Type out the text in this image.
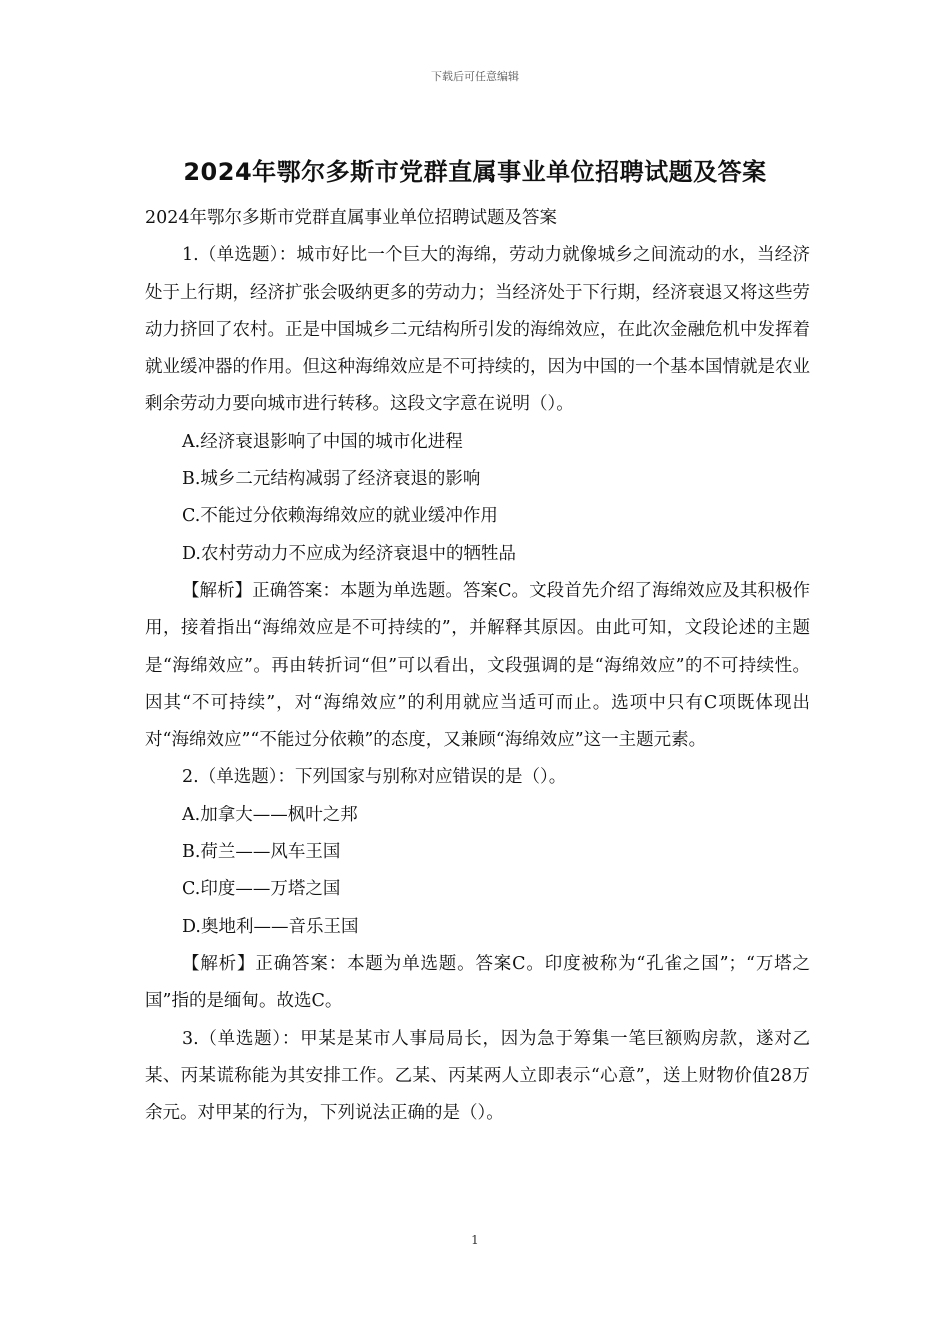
下载后可任意编辑
2024年鄂尔多斯市党群直属事业单位招聘试题及答案

2024年鄂尔多斯市党群直属事业单位招聘试题及答案

1.（单选题）：城市好比一个巨大的海绵，劳动力就像城乡之间流动的水，当经济处于上行期，经济扩张会吸纳更多的劳动力；当经济处于下行期，经济衰退又将这些劳动力挤回了农村。正是中国城乡二元结构所引发的海绵效应，在此次金融危机中发挥着就业缓冲器的作用。但这种海绵效应是不可持续的，因为中国的一个基本国情就是农业剩余劳动力要向城市进行转移。这段文字意在说明（）。

A.经济衰退影响了中国的城市化进程

B.城乡二元结构减弱了经济衰退的影响

C.不能过分依赖海绵效应的就业缓冲作用

D.农村劳动力不应成为经济衰退中的牺牲品

【解析】正确答案：本题为单选题。答案C。文段首先介绍了海绵效应及其积极作用，接着指出“海绵效应是不可持续的”，并解释其原因。由此可知，文段论述的主题是“海绵效应”。再由转折词“但”可以看出，文段强调的是“海绵效应”的不可持续性。因其“不可持续”，对“海绵效应”的利用就应当适可而止。选项中只有C项既体现出对“海绵效应”“不能过分依赖”的态度，又兼顾“海绵效应”这一主题元素。

2.（单选题）：下列国家与别称对应错误的是（）。

A.加拿大——枫叶之邦

B.荷兰——风车王国

C.印度——万塔之国

D.奥地利——音乐王国

【解析】正确答案：本题为单选题。答案C。印度被称为“孔雀之国”；“万塔之国”指的是缅甸。故选C。

3.（单选题）：甲某是某市人事局局长，因为急于筹集一笔巨额购房款，遂对乙某、丙某谎称能为其安排工作。乙某、丙某两人立即表示“心意”，送上财物价值28万余元。对甲某的行为，下列说法正确的是（）。

1
